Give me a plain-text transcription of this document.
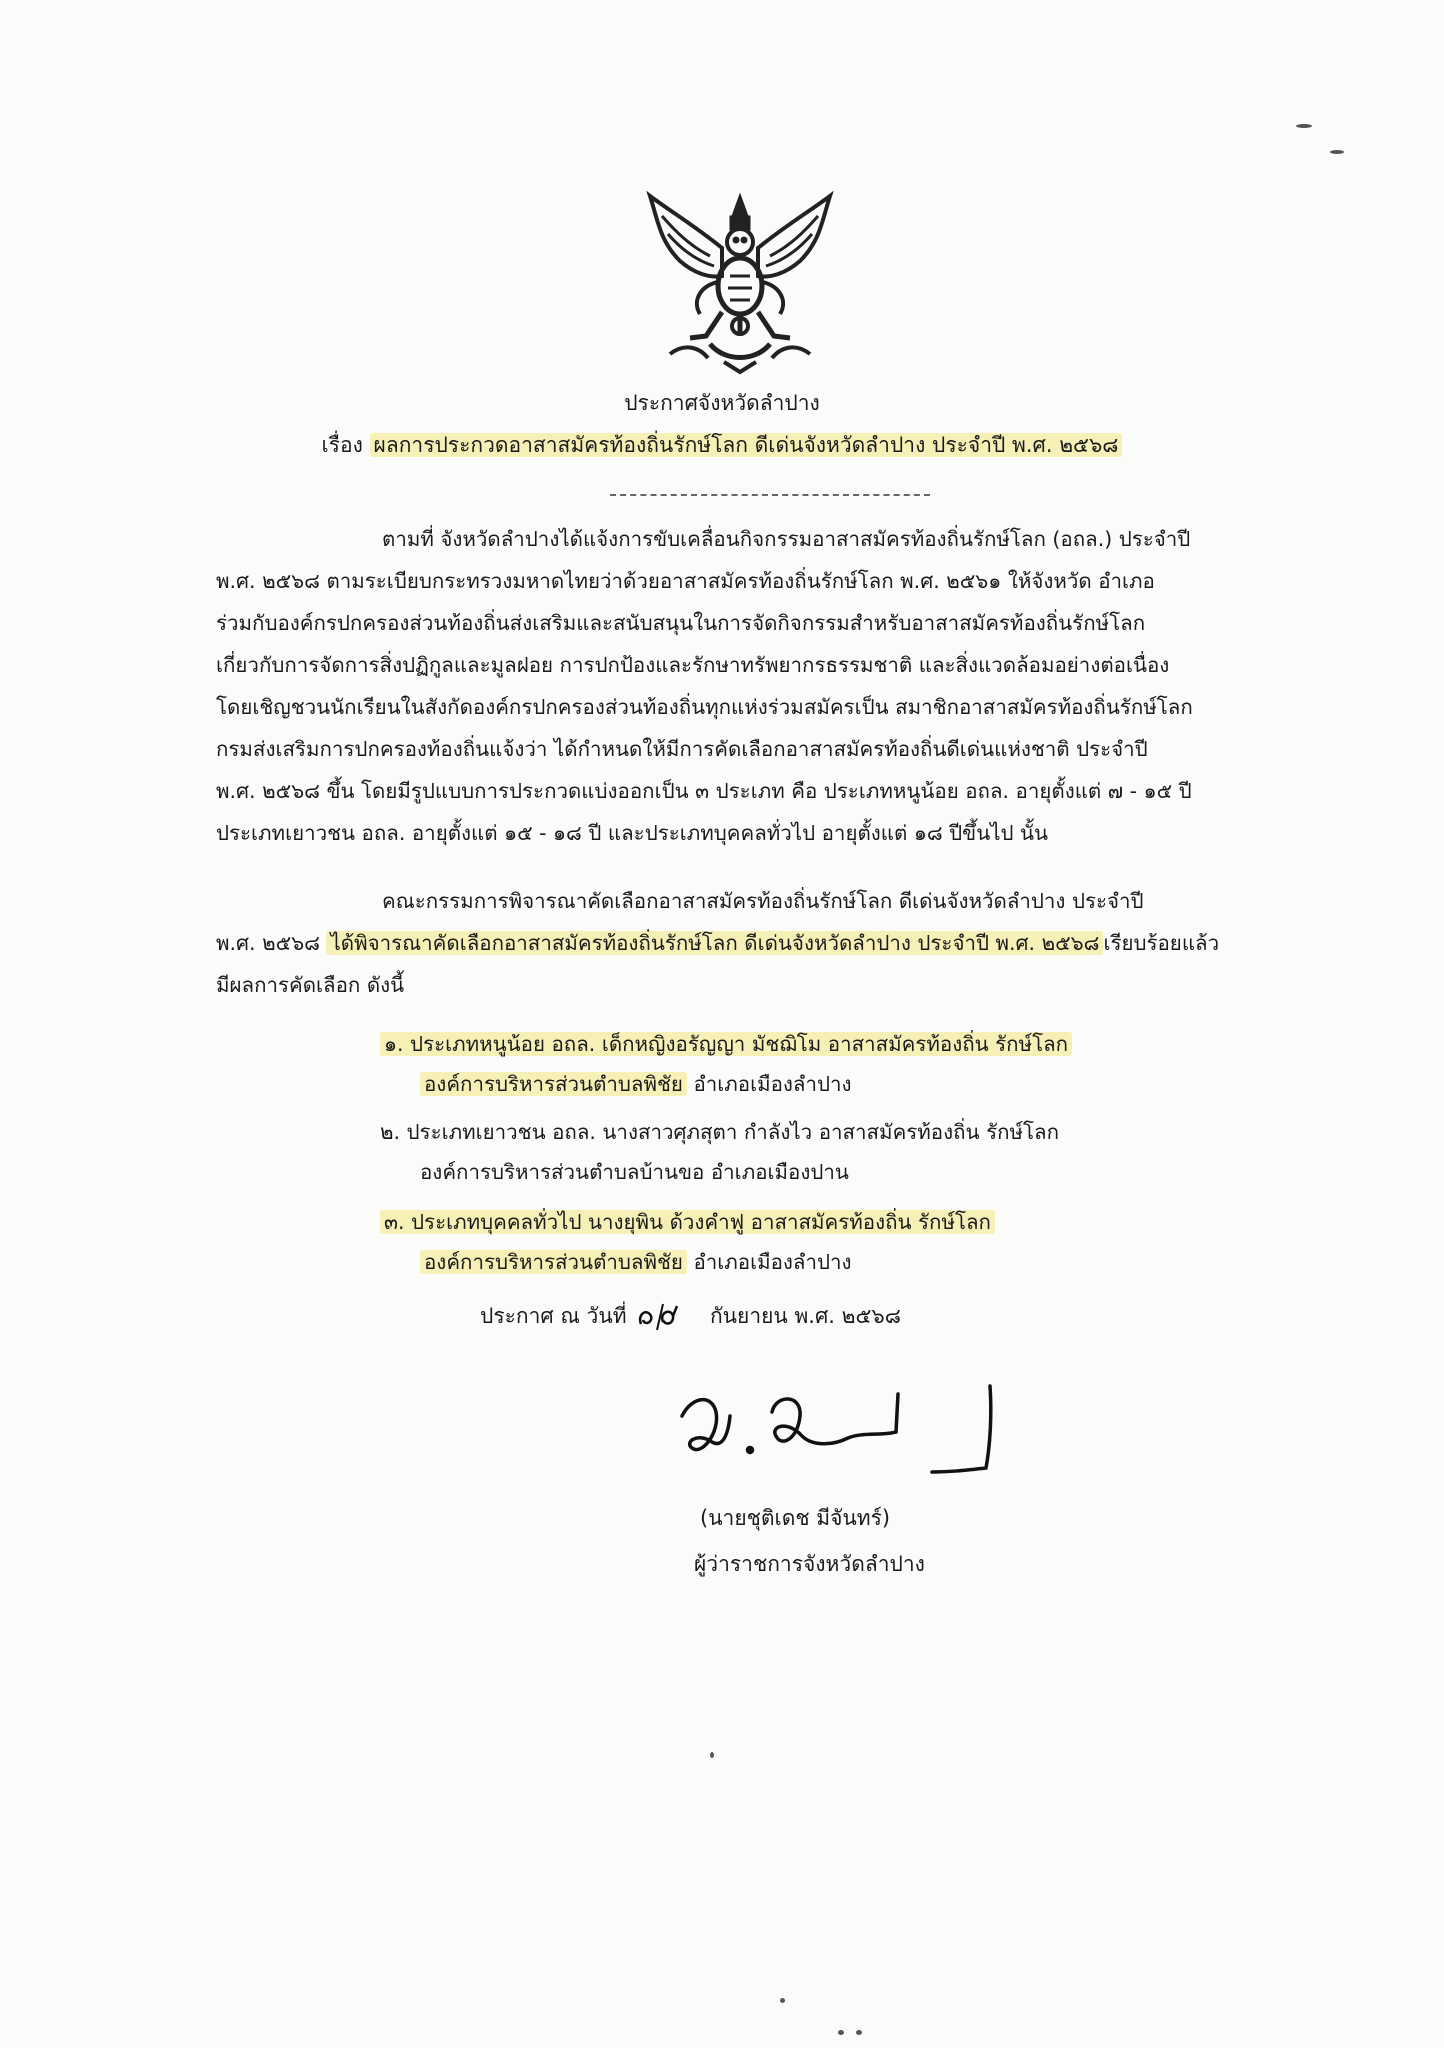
ประกาศจังหวัดลำปาง
เรื่อง ผลการประกวดอาสาสมัครท้องถิ่นรักษ์โลก ดีเด่นจังหวัดลำปาง ประจำปี พ.ศ. ๒๕๖๘
ตามที่ จังหวัดลำปางได้แจ้งการขับเคลื่อนกิจกรรมอาสาสมัครท้องถิ่นรักษ์โลก (อถล.) ประจำปี
พ.ศ. ๒๕๖๘ ตามระเบียบกระทรวงมหาดไทยว่าด้วยอาสาสมัครท้องถิ่นรักษ์โลก พ.ศ. ๒๕๖๑ ให้จังหวัด อำเภอ
ร่วมกับองค์กรปกครองส่วนท้องถิ่นส่งเสริมและสนับสนุนในการจัดกิจกรรมสำหรับอาสาสมัครท้องถิ่นรักษ์โลก
เกี่ยวกับการจัดการสิ่งปฏิกูลและมูลฝอย การปกป้องและรักษาทรัพยากรธรรมชาติ และสิ่งแวดล้อมอย่างต่อเนื่อง
โดยเชิญชวนนักเรียนในสังกัดองค์กรปกครองส่วนท้องถิ่นทุกแห่งร่วมสมัครเป็น สมาชิกอาสาสมัครท้องถิ่นรักษ์โลก
กรมส่งเสริมการปกครองท้องถิ่นแจ้งว่า ได้กำหนดให้มีการคัดเลือกอาสาสมัครท้องถิ่นดีเด่นแห่งชาติ ประจำปี
พ.ศ. ๒๕๖๘ ขึ้น โดยมีรูปแบบการประกวดแบ่งออกเป็น ๓ ประเภท คือ ประเภทหนูน้อย อถล. อายุตั้งแต่ ๗ - ๑๕ ปี
ประเภทเยาวชน อถล. อายุตั้งแต่ ๑๕ - ๑๘ ปี และประเภทบุคคลทั่วไป อายุตั้งแต่ ๑๘ ปีขึ้นไป นั้น
คณะกรรมการพิจารณาคัดเลือกอาสาสมัครท้องถิ่นรักษ์โลก ดีเด่นจังหวัดลำปาง ประจำปี
พ.ศ. ๒๕๖๘ ได้พิจารณาคัดเลือกอาสาสมัครท้องถิ่นรักษ์โลก ดีเด่นจังหวัดลำปาง ประจำปี พ.ศ. ๒๕๖๘ เรียบร้อยแล้ว
มีผลการคัดเลือก ดังนี้
๑. ประเภทหนูน้อย อถล. เด็กหญิงอรัญญา มัชฌิโม อาสาสมัครท้องถิ่น รักษ์โลก
องค์การบริหารส่วนตำบลพิชัย อำเภอเมืองลำปาง
๒. ประเภทเยาวชน อถล. นางสาวศุภสุตา กำลังไว อาสาสมัครท้องถิ่น รักษ์โลก
องค์การบริหารส่วนตำบลบ้านขอ อำเภอเมืองปาน
๓. ประเภทบุคคลทั่วไป นางยุพิน ด้วงคำฟู อาสาสมัครท้องถิ่น รักษ์โลก
องค์การบริหารส่วนตำบลพิชัย อำเภอเมืองลำปาง
ประกาศ ณ วันที่	กันยายน พ.ศ. ๒๕๖๘
(นายชุติเดช มีจันทร์)
ผู้ว่าราชการจังหวัดลำปาง
